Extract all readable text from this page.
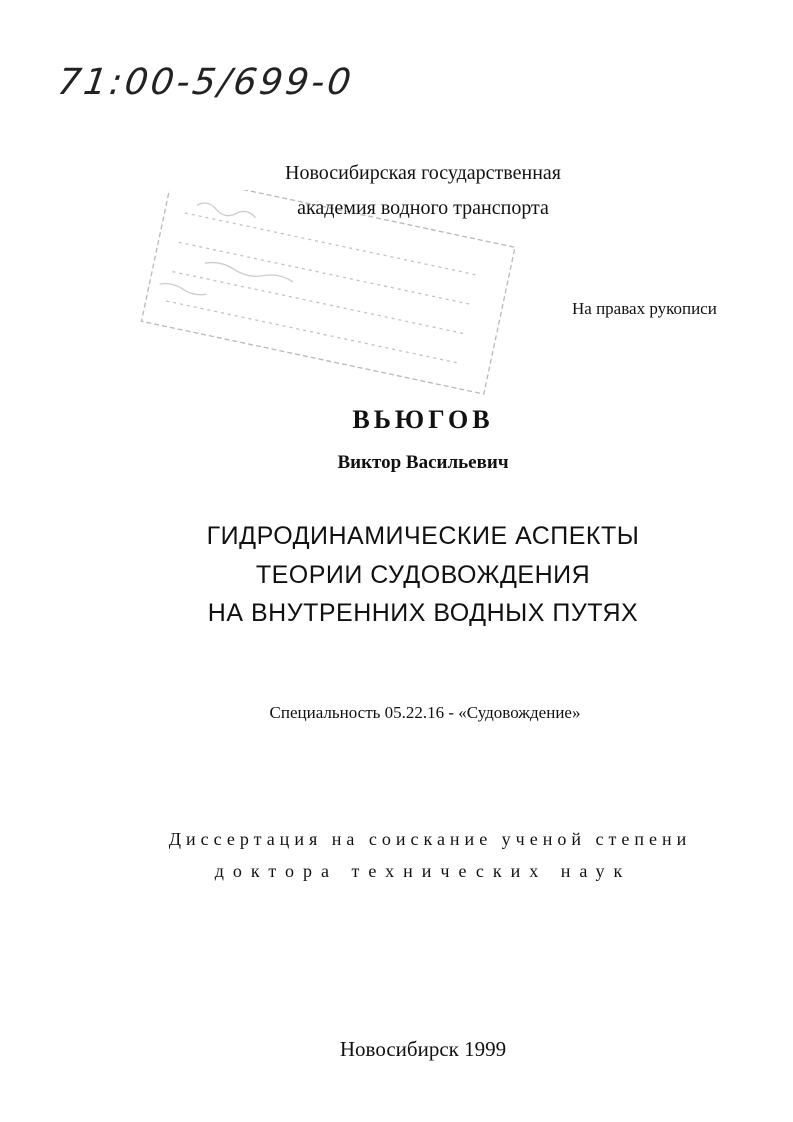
71:00-5/699-0
Новосибирская государственная
академия водного транспорта
На правах рукописи
ВЬЮГОВ
Виктор Васильевич
ГИДРОДИНАМИЧЕСКИЕ АСПЕКТЫ
ТЕОРИИ СУДОВОЖДЕНИЯ
НА ВНУТРЕННИХ ВОДНЫХ ПУТЯХ
Специальность 05.22.16 - «Судовождение»
Диссертация на соискание ученой степени
доктора технических наук
Новосибирск 1999
